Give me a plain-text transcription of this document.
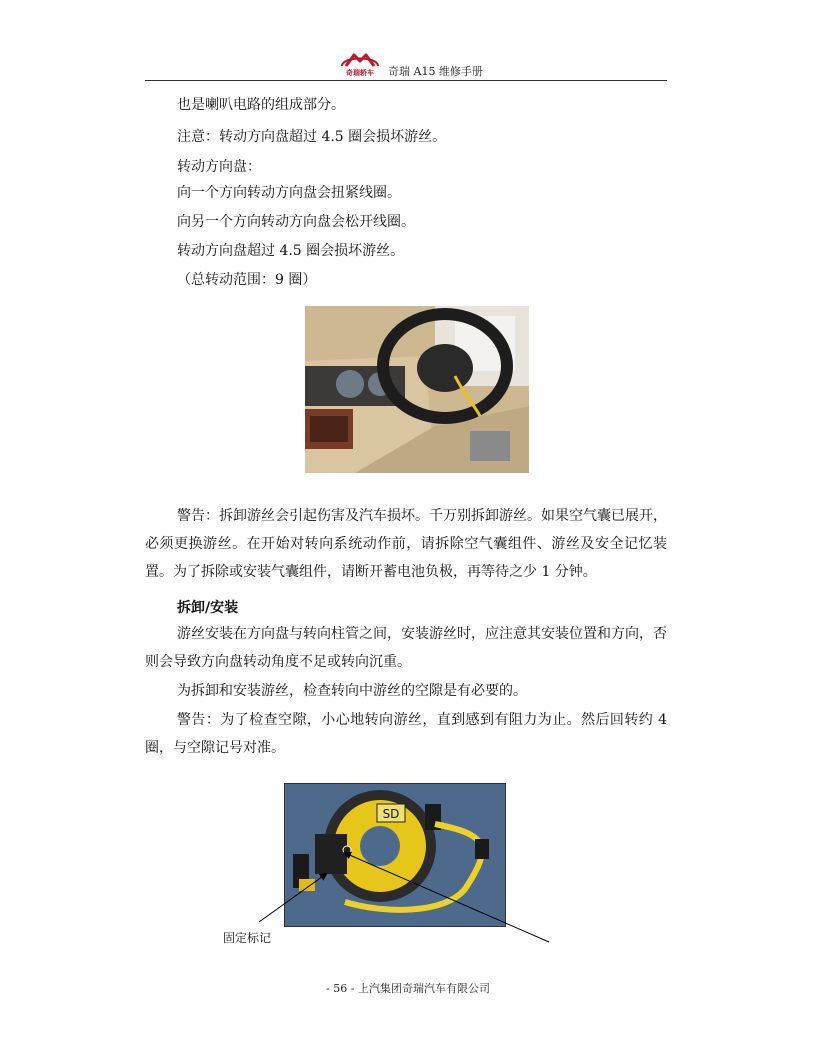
奇瑞轿车	奇瑞 A15 维修手册
也是喇叭电路的组成部分。
注意：转动方向盘超过 4.5 圈会损坏游丝。
转动方向盘：
向一个方向转动方向盘会扭紧线圈。
向另一个方向转动方向盘会松开线圈。
转动方向盘超过 4.5 圈会损坏游丝。
（总转动范围：9 圈）
警告：拆卸游丝会引起伤害及汽车损坏。千万别拆卸游丝。如果空气囊已展开，必须更换游丝。在开始对转向系统动作前，请拆除空气囊组件、游丝及安全记忆装置。为了拆除或安装气囊组件，请断开蓄电池负极，再等待之少 1 分钟。
拆卸/安装
游丝安装在方向盘与转向柱管之间，安装游丝时，应注意其安装位置和方向，否则会导致方向盘转动角度不足或转向沉重。
为拆卸和安装游丝，检查转向中游丝的空隙是有必要的。
警告：为了检查空隙，小心地转向游丝，直到感到有阻力为止。然后回转约 4 圈，与空隙记号对准。
SD
固定标记
- 56 - 上汽集团奇瑞汽车有限公司
